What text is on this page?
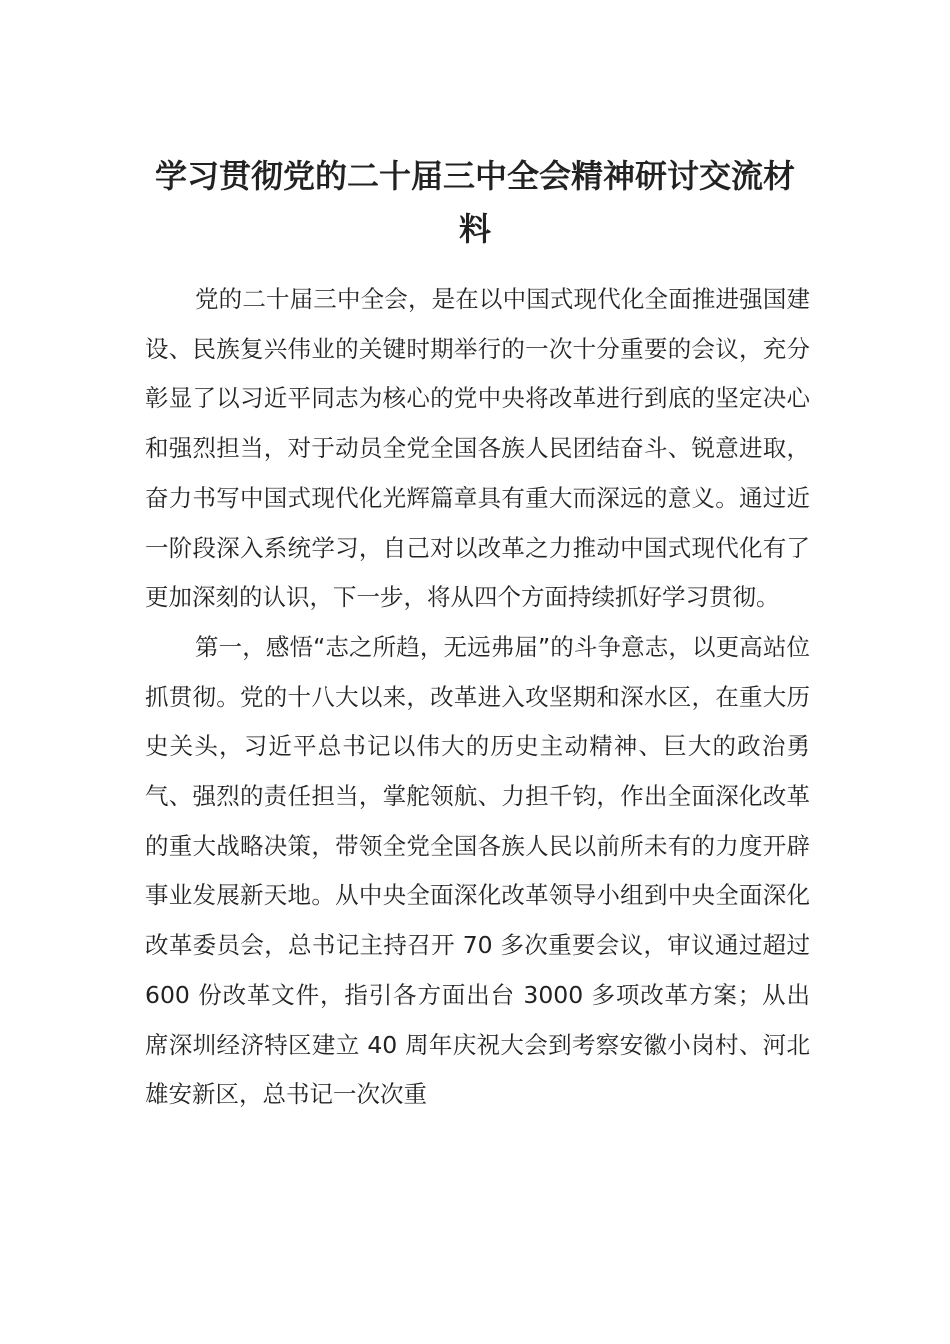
学习贯彻党的二十届三中全会精神研讨交流材料

党的二十届三中全会，是在以中国式现代化全面推进强国建设、民族复兴伟业的关键时期举行的一次十分重要的会议，充分彰显了以习近平同志为核心的党中央将改革进行到底的坚定决心和强烈担当，对于动员全党全国各族人民团结奋斗、锐意进取，奋力书写中国式现代化光辉篇章具有重大而深远的意义。通过近一阶段深入系统学习，自己对以改革之力推动中国式现代化有了更加深刻的认识，下一步，将从四个方面持续抓好学习贯彻。

第一，感悟“志之所趋，无远弗届”的斗争意志，以更高站位抓贯彻。党的十八大以来，改革进入攻坚期和深水区，在重大历史关头，习近平总书记以伟大的历史主动精神、巨大的政治勇气、强烈的责任担当，掌舵领航、力担千钧，作出全面深化改革的重大战略决策，带领全党全国各族人民以前所未有的力度开辟事业发展新天地。从中央全面深化改革领导小组到中央全面深化改革委员会，总书记主持召开 70 多次重要会议，审议通过超过 600 份改革文件，指引各方面出台 3000 多项改革方案；从出席深圳经济特区建立 40 周年庆祝大会到考察安徽小岗村、河北雄安新区，总书记一次次重
